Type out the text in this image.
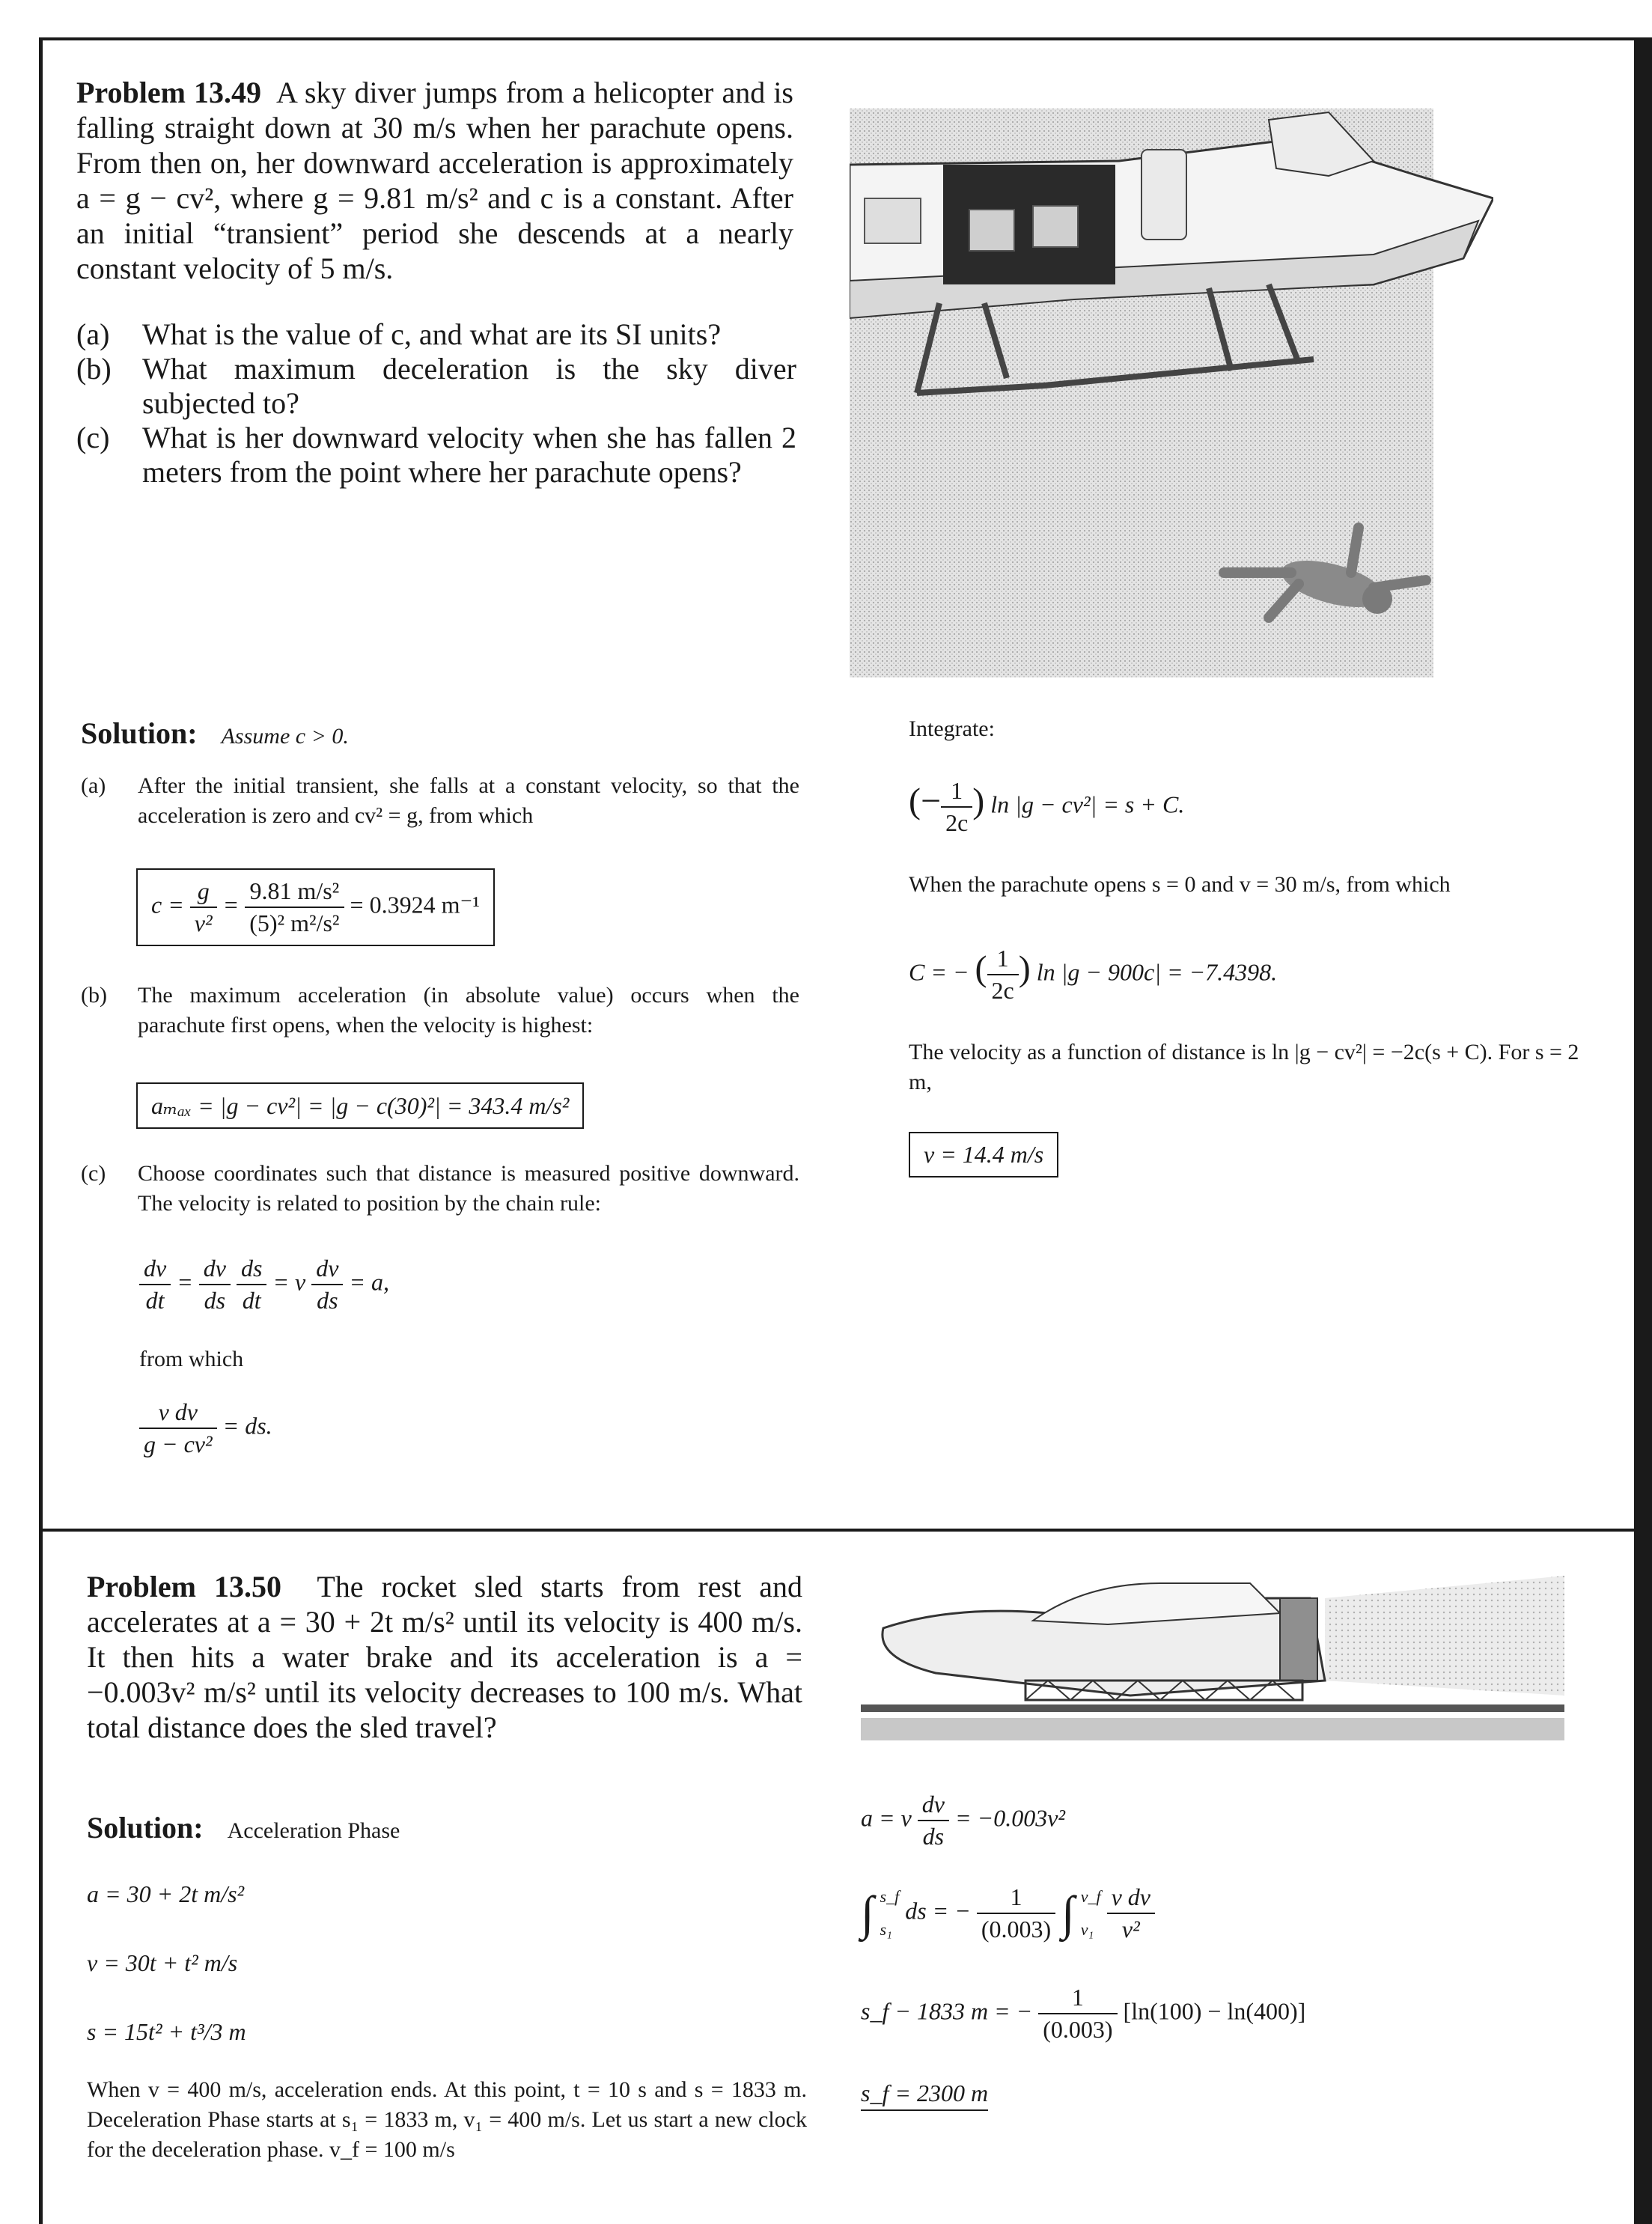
Problem 13.49 A sky diver jumps from a helicopter and is falling straight down at 30 m/s when her parachute opens. From then on, her downward acceleration is approximately a = g − cv², where g = 9.81 m/s² and c is a constant. After an initial “transient” period she descends at a nearly constant velocity of 5 m/s.
(a)	What is the value of c, and what are its SI units?
(b)	What maximum deceleration is the sky diver subjected to?
(c)	What is her downward velocity when she has fallen 2 meters from the point where her parachute opens?
Solution: Assume c > 0.
(a)	After the initial transient, she falls at a constant velocity, so that the acceleration is zero and cv² = g, from which
$c = \frac{g}{\text{v²}} = \frac{\text{9.81 m/s²}}{\text{(5)² m²/s²}} = 0.3924$ m⁻¹
(b)	The maximum acceleration (in absolute value) occurs when the parachute first opens, when the velocity is highest:
aₘₐₓ = |g − cv²| = |g − c(30)²| = 343.4 m/s²
(c)	Choose coordinates such that distance is measured positive downward. The velocity is related to position by the chain rule:
$\frac{dv}{dt} = \frac{dv}{ds}$
$\frac{ds}{dt} = v \frac{dv}{ds} = a$,
from which
$\frac{\text{v dv}}{\text{g − cv²}}$ = ds.
Integrate:
(− $\frac{1}{2c}$ ) ln |g − cv²| = s + C.
When the parachute opens s = 0 and v = 30 m/s, from which
C = − ( $\frac{1}{2c}$ ) ln |g − 900c| = −7.4398.
The velocity as a function of distance is ln |g − cv²| = −2c(s + C). For s = 2 m,
v = 14.4 m/s
Problem 13.50 The rocket sled starts from rest and accelerates at a = 30 + 2t m/s² until its velocity is 400 m/s. It then hits a water brake and its acceleration is a = −0.003v² m/s² until its velocity decreases to 100 m/s. What total distance does the sled travel?
Solution: Acceleration Phase
a = 30 + 2t m/s²
v = 30t + t² m/s
s = 15t² + t³/3 m
When v = 400 m/s, acceleration ends. At this point, t = 10 s and s = 1833 m. Deceleration Phase starts at s₁ = 1833 m, v₁ = 400 m/s. Let us start a new clock for the deceleration phase. v_f = 100 m/s
a = v $\frac{dv}{ds} = -0.003v^2$
∫ s_f
s₁
ds = − $\frac{1}{(0.003)}$ ∫ v_f
v₁
$\frac{\text{v dv}}{\text{v²}}$
s_f − 1833 m = − $\frac{1}{(0.003)} [\ln(100) - \ln(400)]$
s_f = 2300 m
